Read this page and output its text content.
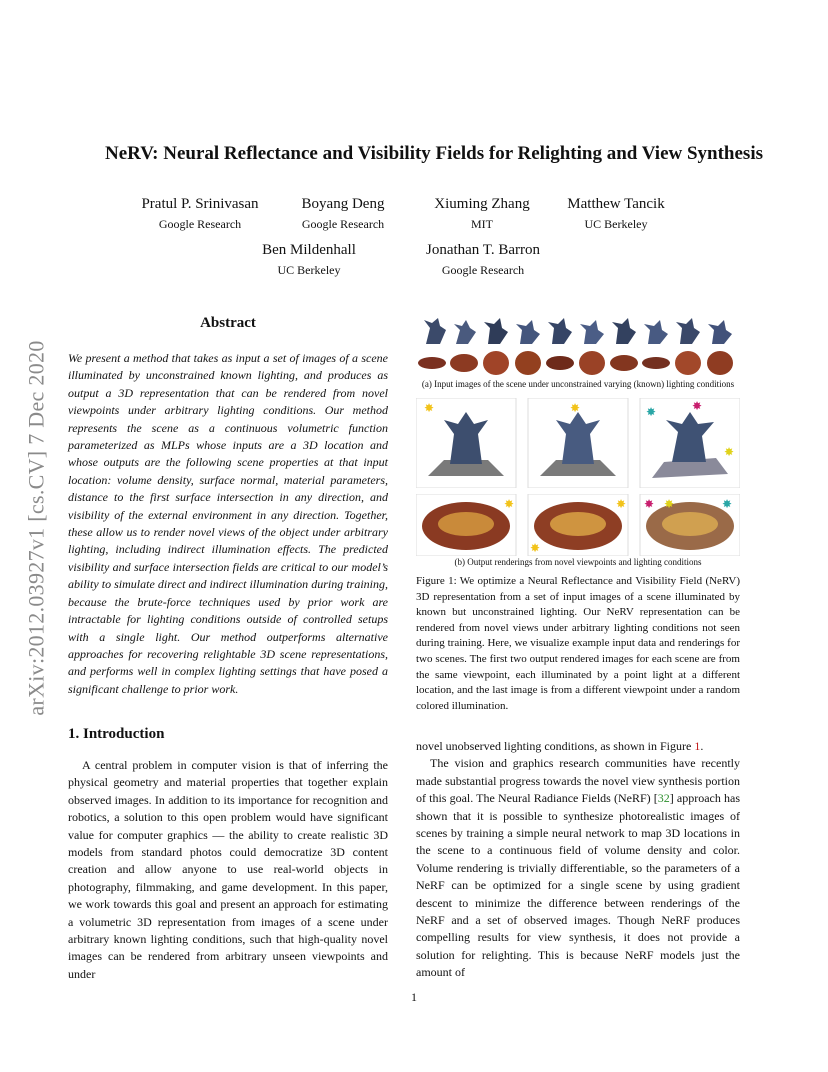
arXiv:2012.03927v1 [cs.CV] 7 Dec 2020
NeRV: Neural Reflectance and Visibility Fields for Relighting and View Synthesis
Pratul P. Srinivasan
Google Research
Boyang Deng
Google Research
Xiuming Zhang
MIT
Matthew Tancik
UC Berkeley
Ben Mildenhall
UC Berkeley
Jonathan T. Barron
Google Research
Abstract
We present a method that takes as input a set of images of a scene illuminated by unconstrained known lighting, and produces as output a 3D representation that can be rendered from novel viewpoints under arbitrary lighting conditions. Our method represents the scene as a continuous volumetric function parameterized as MLPs whose inputs are a 3D location and whose outputs are the following scene properties at that input location: volume density, surface normal, material parameters, distance to the first surface intersection in any direction, and visibility of the external environment in any direction. Together, these allow us to render novel views of the object under arbitrary lighting, including indirect illumination effects. The predicted visibility and surface intersection fields are critical to our model’s ability to simulate direct and indirect illumination during training, because the brute-force techniques used by prior work are intractable for lighting conditions outside of controlled setups with a single light. Our method outperforms alternative approaches for recovering relightable 3D scene representations, and performs well in complex lighting settings that have posed a significant challenge to prior work.
(a) Input images of the scene under unconstrained varying (known) lighting conditions
✸	✸	✸	✸
✸
✸	✸ ✸ ✸	✸
✸
(b) Output renderings from novel viewpoints and lighting conditions
Figure 1: We optimize a Neural Reflectance and Visibility Field (NeRV) 3D representation from a set of input images of a scene illuminated by known but unconstrained lighting. Our NeRV representation can be rendered from novel views under arbitrary lighting conditions not seen during training. Here, we visualize example input data and renderings for two scenes. The first two output rendered images for each scene are from the same viewpoint, each illuminated by a point light at a different location, and the last image is from a different viewpoint under a random colored illumination.
1. Introduction

A central problem in computer vision is that of inferring the physical geometry and material properties that together explain observed images. In addition to its importance for recognition and robotics, a solution to this open problem would have significant value for computer graphics — the ability to create realistic 3D models from standard photos could democratize 3D content creation and allow anyone to use real-world objects in photography, filmmaking, and game development. In this paper, we work towards this goal and present an approach for estimating a volumetric 3D representation from images of a scene under arbitrary known lighting conditions, such that high-quality novel images can be rendered from arbitrary unseen viewpoints and under

novel unobserved lighting conditions, as shown in Figure 1.

The vision and graphics research communities have recently made substantial progress towards the novel view synthesis portion of this goal. The Neural Radiance Fields (NeRF) [32] approach has shown that it is possible to synthesize photorealistic images of scenes by training a simple neural network to map 3D locations in the scene to a continuous field of volume density and color. Volume rendering is trivially differentiable, so the parameters of a NeRF can be optimized for a single scene by using gradient descent to minimize the difference between renderings of the NeRF and a set of observed images. Though NeRF produces compelling results for view synthesis, it does not provide a solution for relighting. This is because NeRF models just the amount of

1
